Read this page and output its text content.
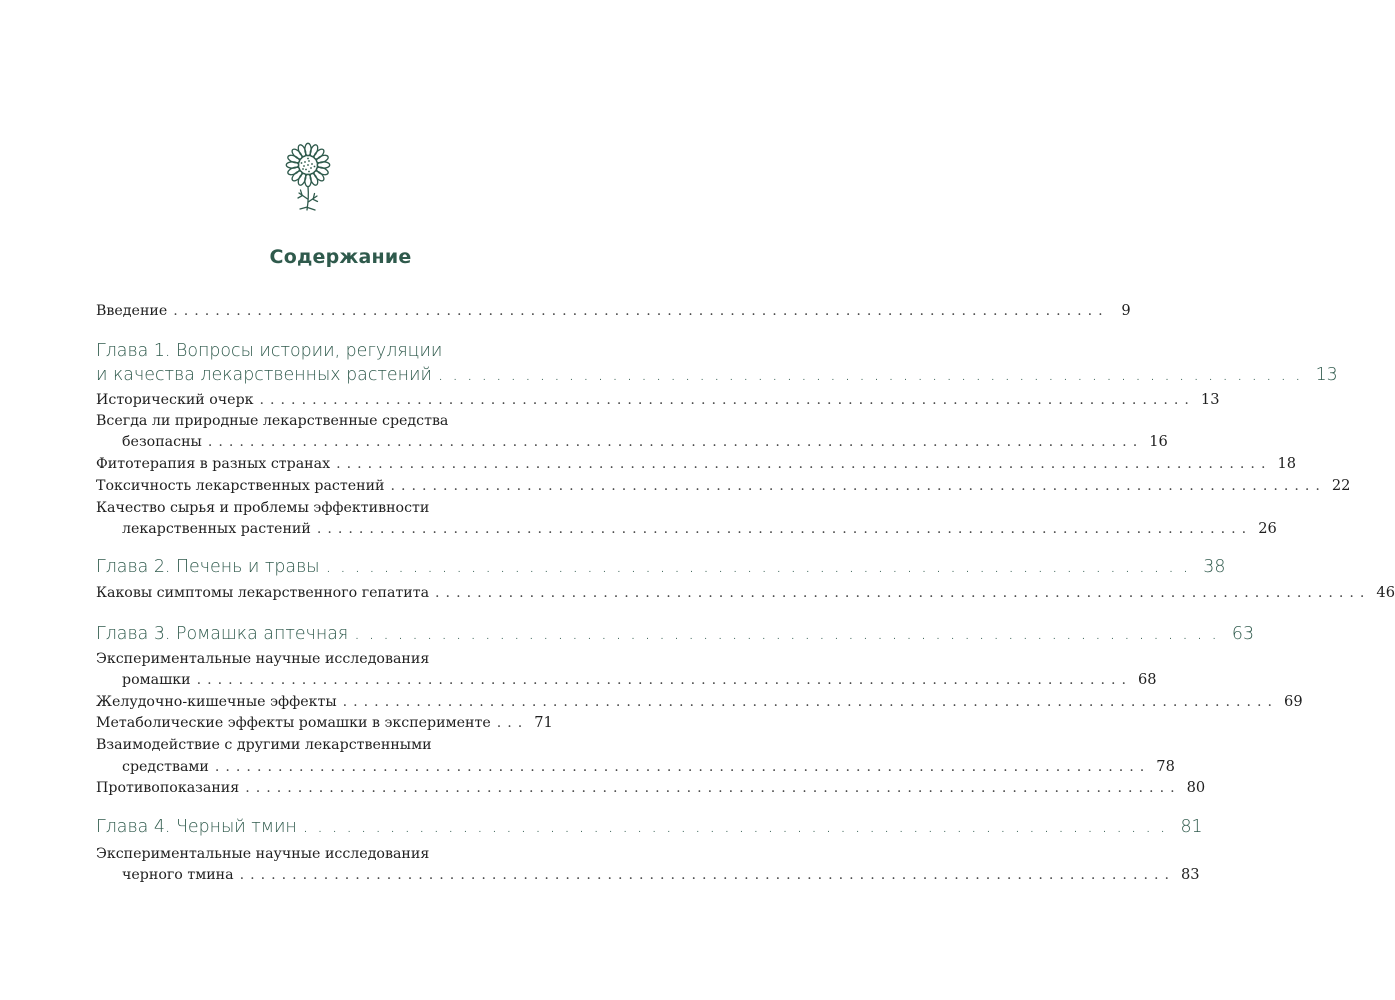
Содержание
Введение ......................................................................................... 9
Глава 1. Вопросы истории, регуляции
и качества лекарственных растений ............................................................ 13
Исторический очерк ......................................................................................... 13
Всегда ли природные лекарственные средства
безопасны ......................................................................................... 16
Фитотерапия в разных странах ......................................................................................... 18
Токсичность лекарственных растений ......................................................................................... 22
Качество сырья и проблемы эффективности
лекарственных растений ......................................................................................... 26
Глава 2. Печень и травы ............................................................ 38
Каковы симптомы лекарственного гепатита ......................................................................................... 46
Глава 3. Ромашка аптечная ............................................................ 63
Экспериментальные научные исследования
ромашки ......................................................................................... 68
Желудочно-кишечные эффекты ......................................................................................... 69
Метаболические эффекты ромашки в эксперименте ... 71
Взаимодействие с другими лекарственными
средствами ......................................................................................... 78
Противопоказания ......................................................................................... 80
Глава 4. Черный тмин ............................................................ 81
Экспериментальные научные исследования
черного тмина ......................................................................................... 83
